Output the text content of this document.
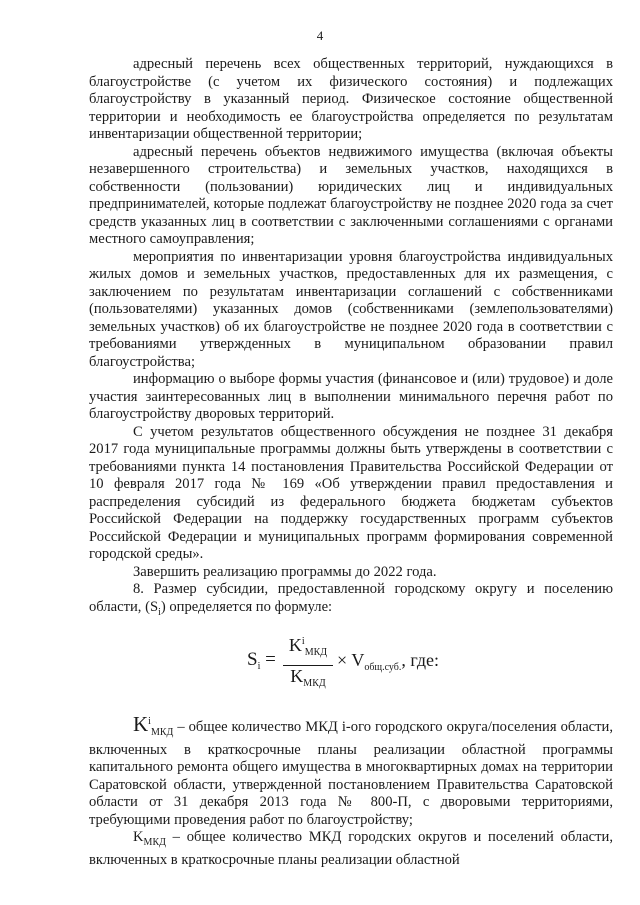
4

адресный перечень всех общественных территорий, нуждающихся в благоустройстве (с учетом их физического состояния) и подлежащих благоустройству в указанный период. Физическое состояние общественной территории и необходимость ее благоустройства определяется по результатам инвентаризации общественной территории;

адресный перечень объектов недвижимого имущества (включая объекты незавершенного строительства) и земельных участков, находящихся в собственности (пользовании) юридических лиц и индивидуальных предпринимателей, которые подлежат благоустройству не позднее 2020 года за счет средств указанных лиц в соответствии с заключенными соглашениями с органами местного самоуправления;

мероприятия по инвентаризации уровня благоустройства индивидуальных жилых домов и земельных участков, предоставленных для их размещения, с заключением по результатам инвентаризации соглашений с собственниками (пользователями) указанных домов (собственниками (землепользователями) земельных участков) об их благоустройстве не позднее 2020 года в соответствии с требованиями утвержденных в муниципальном образовании правил благоустройства;

информацию о выборе формы участия (финансовое и (или) трудовое) и доле участия заинтересованных лиц в выполнении минимального перечня работ по благоустройству дворовых территорий.

С учетом результатов общественного обсуждения не позднее 31 декабря 2017 года муниципальные программы должны быть утверждены в соответствии с требованиями пункта 14 постановления Правительства Российской Федерации от 10 февраля 2017 года № 169 «Об утверждении правил предоставления и распределения субсидий из федерального бюджета бюджетам субъектов Российской Федерации на поддержку государственных программ субъектов Российской Федерации и муниципальных программ формирования современной городской среды».

Завершить реализацию программы до 2022 года.

8. Размер субсидии, предоставленной городскому округу и поселению области, $(S_i)$ определяется по формуле:

$S_i$ =
$K^i_{МКД}$
$K_{МКД}$
× $V_{общ.суб.}$, где:

$K^i_{МКД}$ – общее количество МКД i-ого городского округа/поселения области, включенных в краткосрочные планы реализации областной программы капитального ремонта общего имущества в многоквартирных домах на территории Саратовской области, утвержденной постановлением Правительства Саратовской области от 31 декабря 2013 года № 800-П, с дворовыми территориями, требующими проведения работ по благоустройству;

$K_{МКД}$ – общее количество МКД городских округов и поселений области, включенных в краткосрочные планы реализации областной
